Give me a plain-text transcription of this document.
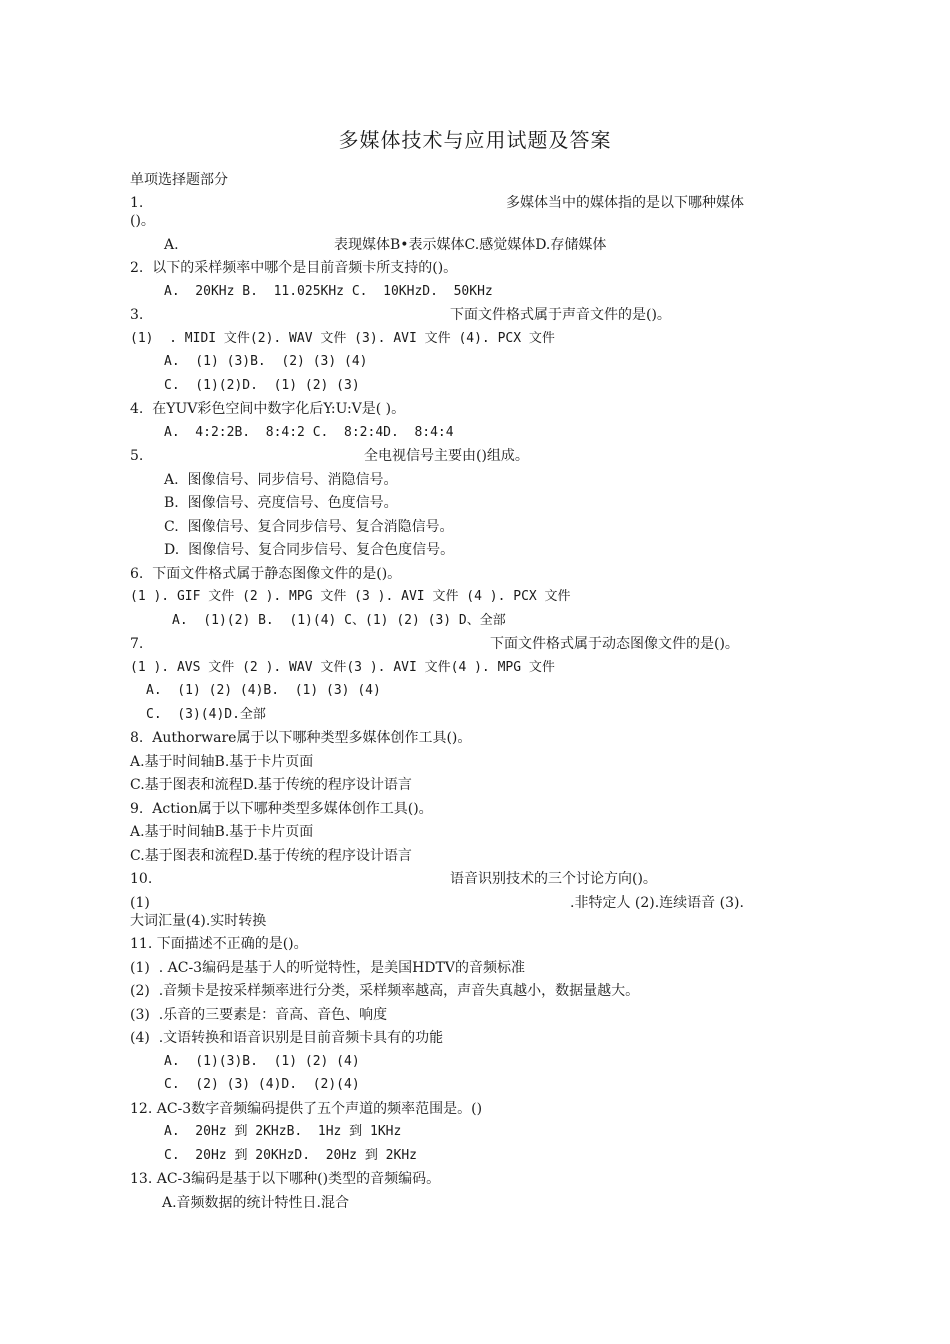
多媒体技术与应用试题及答案
单项选择题部分
1.	多媒体当中的媒体指的是以下哪种媒体
()。
A.	表现媒体B•表示媒体C.感觉媒体D.存储媒体
2.  以下的采样频率中哪个是目前音频卡所支持的()。
A.  20KHz B.  11.025KHz C.  10KHzD.  50KHz
3.	下面文件格式属于声音文件的是()。
(1)  . MIDI 文件(2). WAV 文件 (3). AVI 文件 (4). PCX 文件
A.  (1) (3)B.  (2) (3) (4)
C.  (1)(2)D.  (1) (2) (3)
4.  在YUV彩色空间中数字化后Y:U:V是( )。
A.  4:2:2B.  8:4:2 C.  8:2:4D.  8:4:4
5.	全电视信号主要由()组成。
A.  图像信号、同步信号、消隐信号。
B.  图像信号、亮度信号、色度信号。
C.  图像信号、复合同步信号、复合消隐信号。
D.  图像信号、复合同步信号、复合色度信号。
6.  下面文件格式属于静态图像文件的是()。
(1 ). GIF 文件 (2 ). MPG 文件 (3 ). AVI 文件 (4 ). PCX 文件
A.  (1)(2) B.  (1)(4) C、(1) (2) (3) D、全部
7.	下面文件格式属于动态图像文件的是()。
(1 ). AVS 文件 (2 ). WAV 文件(3 ). AVI 文件(4 ). MPG 文件
A.  (1) (2) (4)B.  (1) (3) (4)
C.  (3)(4)D.全部
8.  Authorware属于以下哪种类型多媒体创作工具()。
A.基于时间轴B.基于卡片页面
C.基于图表和流程D.基于传统的程序设计语言
9.  Action属于以下哪种类型多媒体创作工具()。
A.基于时间轴B.基于卡片页面
C.基于图表和流程D.基于传统的程序设计语言
10.	语音识别技术的三个讨论方向()。
(1)	.非特定人 (2).连续语音 (3).
大词汇量(4).实时转换
11. 下面描述不正确的是()。
(1)  . AC-3编码是基于人的听觉特性，是美国HDTV的音频标准
(2)  .音频卡是按采样频率进行分类，采样频率越高，声音失真越小，数据量越大。
(3)  .乐音的三要素是：音高、音色、响度
(4)  .文语转换和语音识别是目前音频卡具有的功能
A.  (1)(3)B.  (1) (2) (4)
C.  (2) (3) (4)D.  (2)(4)
12. AC-3数字音频编码提供了五个声道的频率范围是。()
A.  20Hz 到 2KHzB.  1Hz 到 1KHz
C.  20Hz 到 20KHzD.  20Hz 到 2KHz
13. AC-3编码是基于以下哪种()类型的音频编码。
A.音频数据的统计特性日.混合
